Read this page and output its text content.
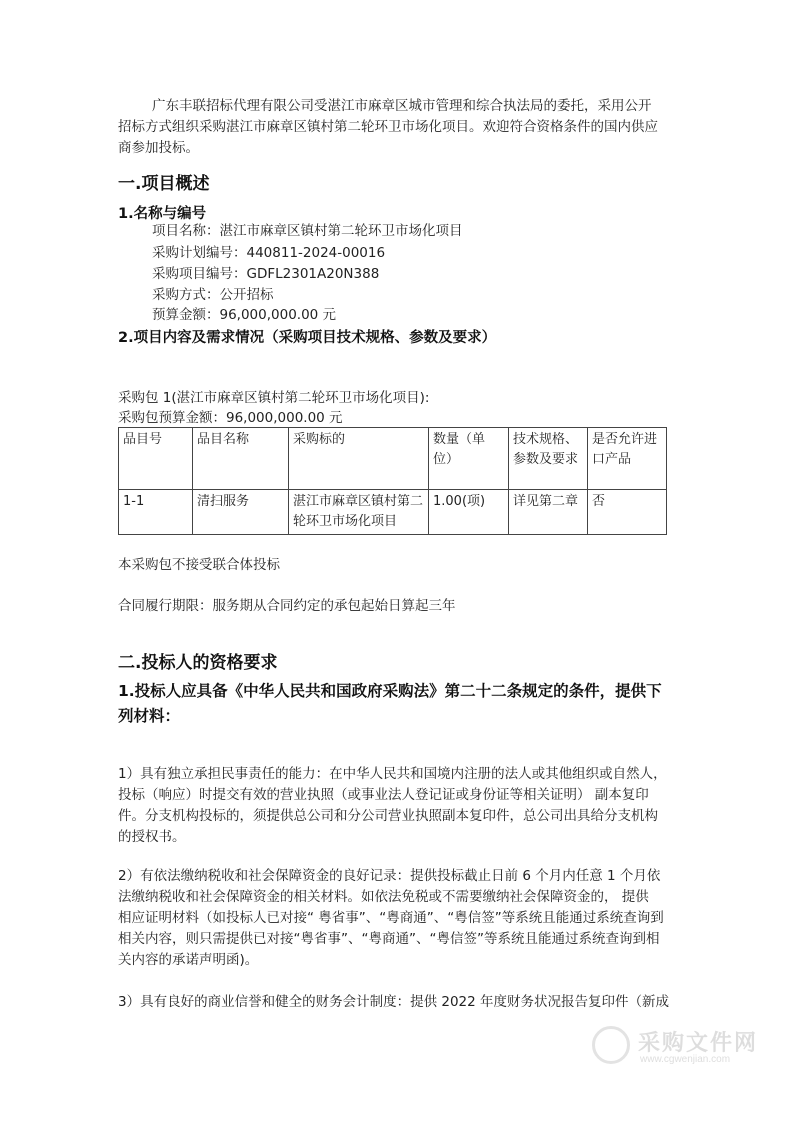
广东丰联招标代理有限公司受湛江市麻章区城市管理和综合执法局的委托，采用公开
招标方式组织采购湛江市麻章区镇村第二轮环卫市场化项目。欢迎符合资格条件的国内供应
商参加投标。
一.项目概述
1.名称与编号
项目名称：湛江市麻章区镇村第二轮环卫市场化项目
采购计划编号：440811-2024-00016
采购项目编号：GDFL2301A20N388
采购方式：公开招标
预算金额：96,000,000.00 元
2.项目内容及需求情况（采购项目技术规格、参数及要求）
采购包 1(湛江市麻章区镇村第二轮环卫市场化项目):
采购包预算金额：96,000,000.00 元
品目号	品目名称	采购标的	数量（单位）	技术规格、参数及要求	是否允许进口产品
1-1	清扫服务	湛江市麻章区镇村第二轮环卫市场化项目	1.00(项)	详见第二章	否
本采购包不接受联合体投标
合同履行期限：服务期从合同约定的承包起始日算起三年
二.投标人的资格要求
1.投标人应具备《中华人民共和国政府采购法》第二十二条规定的条件，提供下
列材料：
1）具有独立承担民事责任的能力：在中华人民共和国境内注册的法人或其他组织或自然人，
投标（响应）时提交有效的营业执照（或事业法人登记证或身份证等相关证明） 副本复印
件。分支机构投标的，须提供总公司和分公司营业执照副本复印件，总公司出具给分支机构
的授权书。
2）有依法缴纳税收和社会保障资金的良好记录：提供投标截止日前 6 个月内任意 1 个月依
法缴纳税收和社会保障资金的相关材料。如依法免税或不需要缴纳社会保障资金的， 提供
相应证明材料（如投标人已对接“ 粤省事”、“粤商通”、“粤信签”等系统且能通过系统查询到
相关内容，则只需提供已对接“粤省事”、“粤商通”、“粤信签”等系统且能通过系统查询到相
关内容的承诺声明函)。
3）具有良好的商业信誉和健全的财务会计制度：提供 2022 年度财务状况报告复印件（新成
采购文件网
www.cgwenjian.com
